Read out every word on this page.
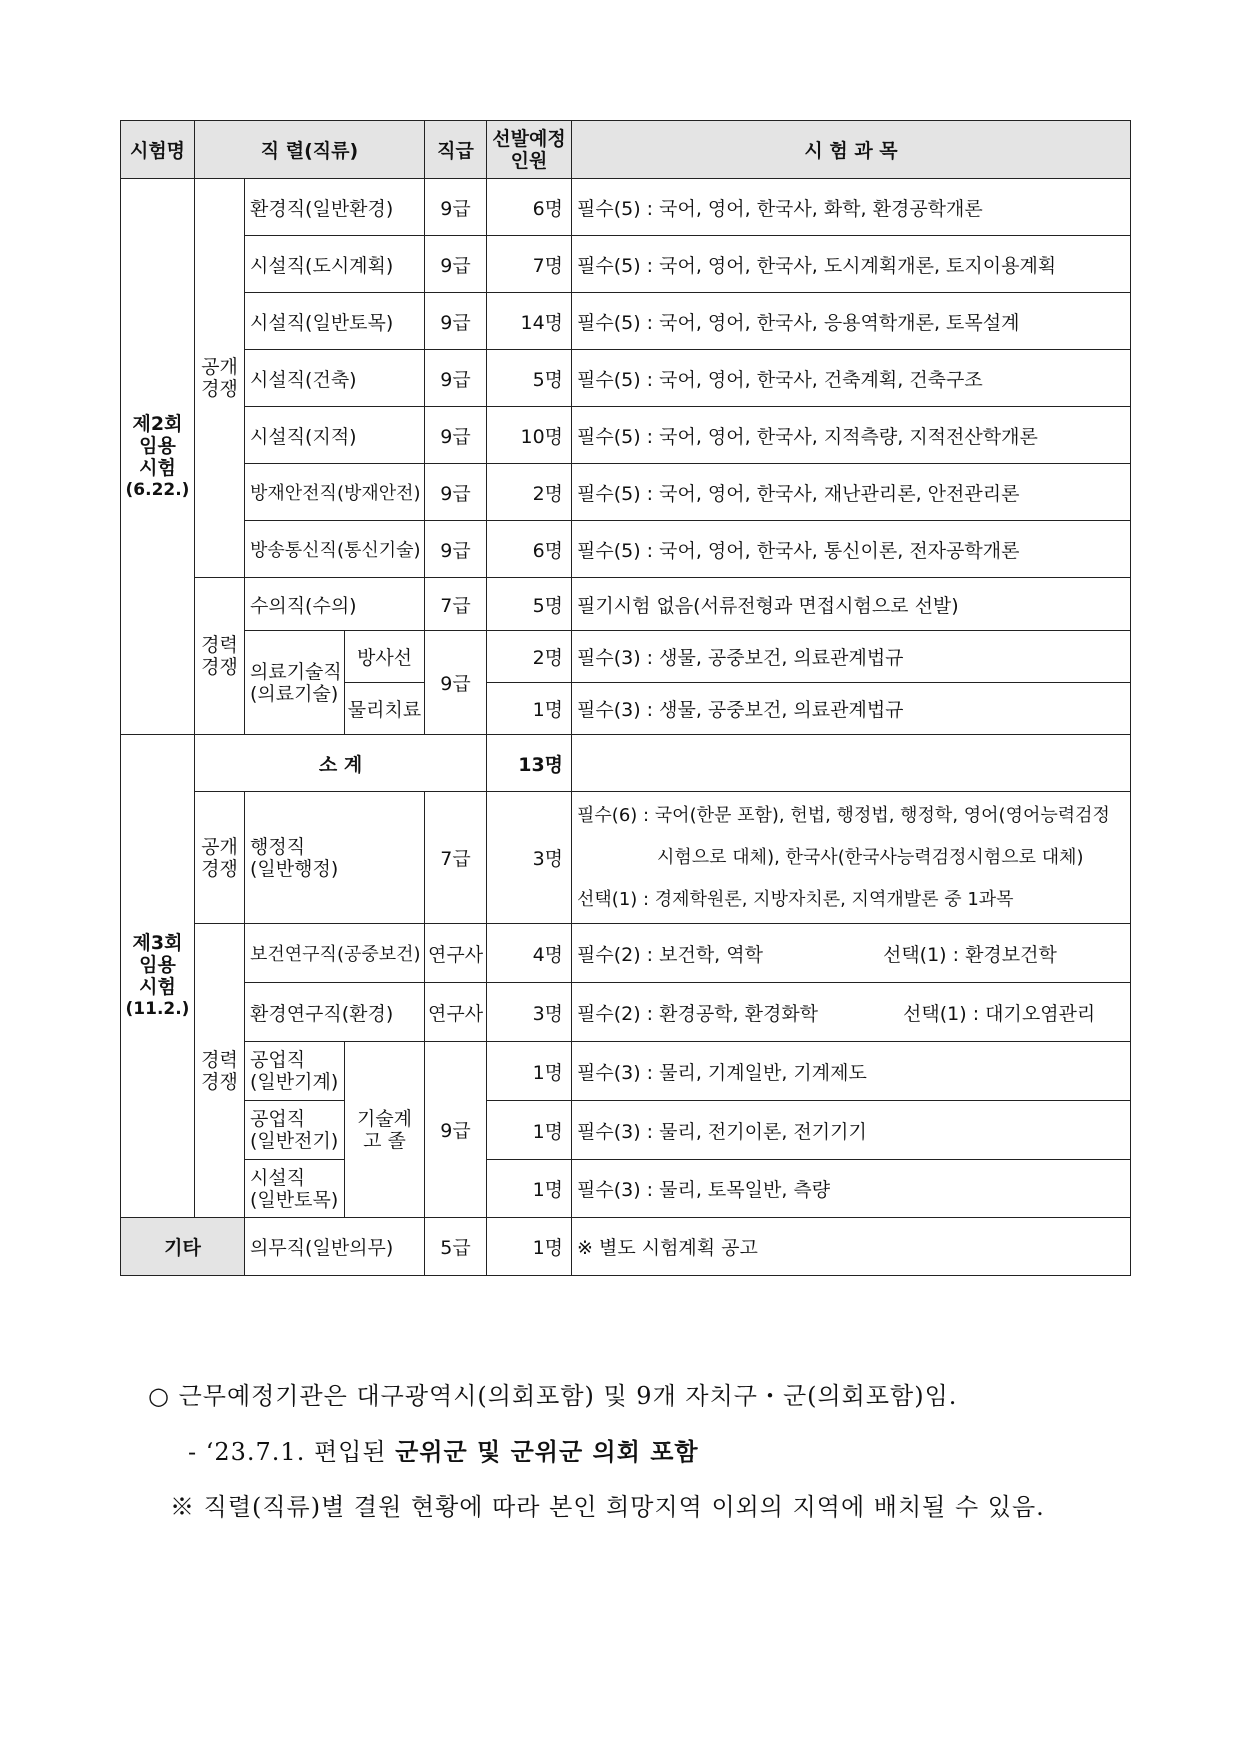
시험명	직 렬(직류)			직급	선발예정인원	시 험 과 목

제2회
임용
시험
(6.22.)	공개경쟁	환경직(일반환경)		9급	6명	필수(5) : 국어, 영어, 한국사, 화학, 환경공학개론
		시설직(도시계획)		9급	7명	필수(5) : 국어, 영어, 한국사, 도시계획개론, 토지이용계획
		시설직(일반토목)		9급	14명	필수(5) : 국어, 영어, 한국사, 응용역학개론, 토목설계
		시설직(건축)		9급	5명	필수(5) : 국어, 영어, 한국사, 건축계획, 건축구조
		시설직(지적)		9급	10명	필수(5) : 국어, 영어, 한국사, 지적측량, 지적전산학개론
		방재안전직(방재안전)		9급	2명	필수(5) : 국어, 영어, 한국사, 재난관리론, 안전관리론
		방송통신직(통신기술)		9급	6명	필수(5) : 국어, 영어, 한국사, 통신이론, 전자공학개론
	경력경쟁	수의직(수의)		7급	5명	필기시험 없음(서류전형과 면접시험으로 선발)

		의료기술직
(의료기술)	방사선	9급	2명	필수(3) : 생물, 공중보건, 의료관계법규
			물리치료		1명	필수(3) : 생물, 공중보건, 의료관계법규

제3회
임용
시험
(11.2.)	소 계				13명	
	공개경쟁	행정직
(일반행정)		7급	3명	필수(6) : 국어(한문 포함), 헌법, 행정법, 행정학, 영어(영어능력검정
시험으로 대체), 한국사(한국사능력검정시험으로 대체)
선택(1) : 경제학원론, 지방자치론, 지역개발론 중 1과목

	경력경쟁	보건연구직(공중보건)		연구사	4명	필수(2) : 보건학, 역학 선택(1) : 환경보건학
		환경연구직(환경)		연구사	3명	필수(2) : 환경공학, 환경화학 선택(1) : 대기오염관리

		공업직
(일반기계)	기술계
고 졸	9급	1명	필수(3) : 물리, 기계일반, 기계제도

		공업직
(일반전기)			1명	필수(3) : 물리, 전기이론, 전기기기

		시설직
(일반토목)			1명	필수(3) : 물리, 토목일반, 측량

기타		의무직(일반의무)		5급	1명	※ 별도 시험계획 공고
○ 근무예정기관은 대구광역시(의회포함) 및 9개 자치구・군(의회포함)임.
- ‘23.7.1. 편입된 군위군 및 군위군 의회 포함
※ 직렬(직류)별 결원 현황에 따라 본인 희망지역 이외의 지역에 배치될 수 있음.
